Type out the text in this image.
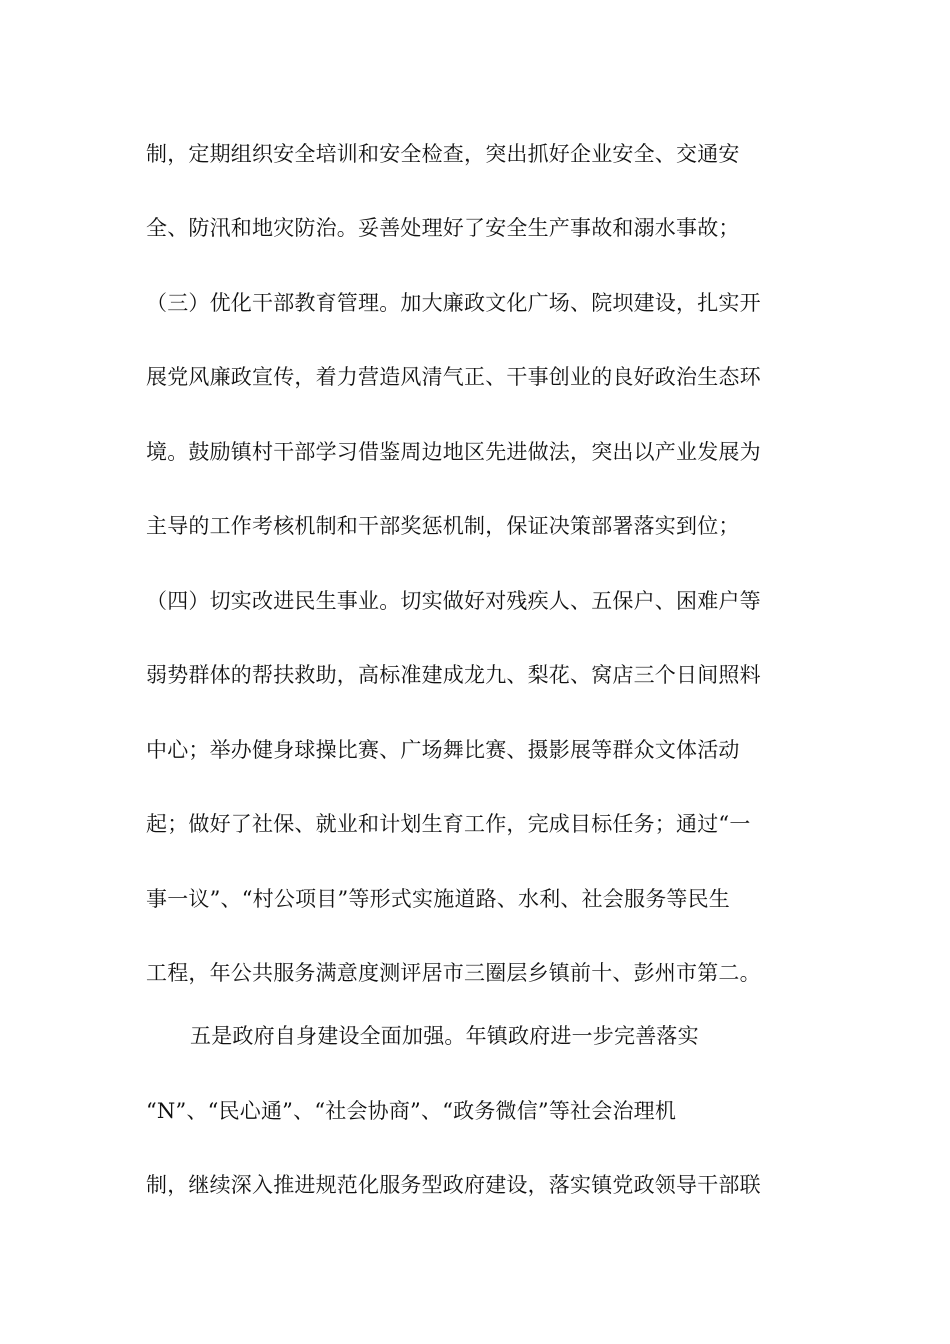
制，定期组织安全培训和安全检查，突出抓好企业安全、交通安
全、防汛和地灾防治。妥善处理好了安全生产事故和溺水事故；
（三）优化干部教育管理。加大廉政文化广场、院坝建设，扎实开
展党风廉政宣传，着力营造风清气正、干事创业的良好政治生态环
境。鼓励镇村干部学习借鉴周边地区先进做法，突出以产业发展为
主导的工作考核机制和干部奖惩机制，保证决策部署落实到位；
（四）切实改进民生事业。切实做好对残疾人、五保户、困难户等
弱势群体的帮扶救助，高标准建成龙九、梨花、窝店三个日间照料
中心；举办健身球操比赛、广场舞比赛、摄影展等群众文体活动
起；做好了社保、就业和计划生育工作，完成目标任务；通过“一
事一议”、“村公项目”等形式实施道路、水利、社会服务等民生
工程，年公共服务满意度测评居市三圈层乡镇前十、彭州市第二。
五是政府自身建设全面加强。年镇政府进一步完善落实
“N”、“民心通”、“社会协商”、“政务微信”等社会治理机
制，继续深入推进规范化服务型政府建设，落实镇党政领导干部联
